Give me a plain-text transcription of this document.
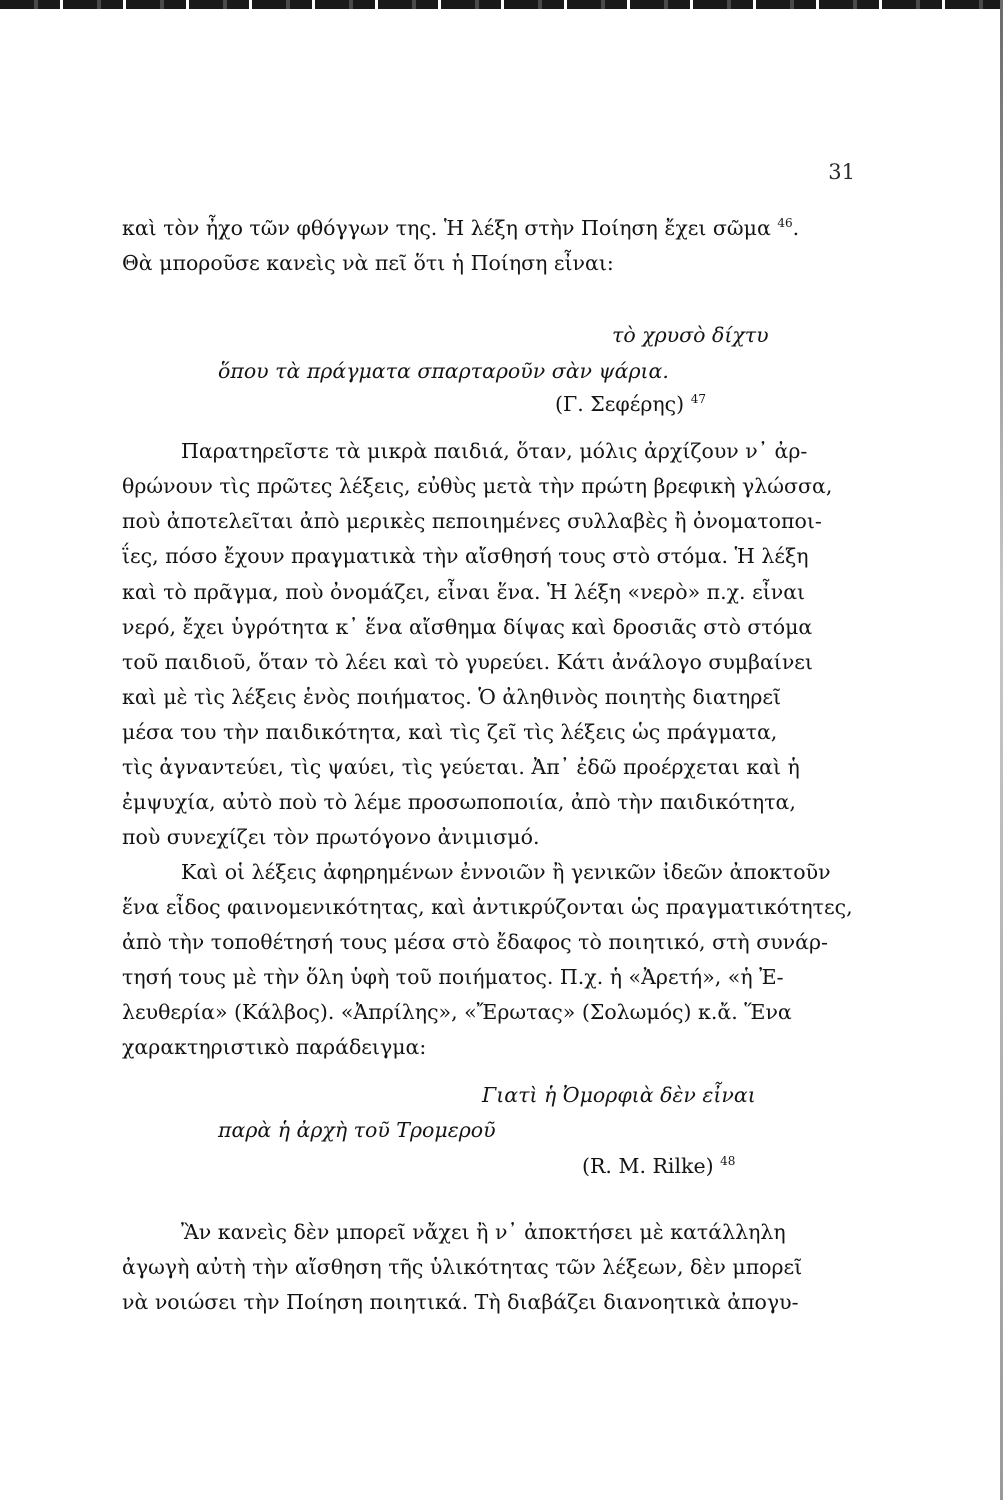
31
καὶ τὸν ἦχο τῶν φθόγγων της. Ἡ λέξη στὴν Ποίηση ἔχει σῶμα $^{46}$.
Θὰ μποροῦσε κανεὶς νὰ πεῖ ὅτι ἡ Ποίηση εἶναι:
τὸ χρυσὸ δίχτυ
ὅπου τὰ πράγματα σπαρταροῦν σὰν ψάρια.
(Γ. Σεφέρης) $^{47}$
Παρατηρεῖστε τὰ μικρὰ παιδιά, ὅταν, μόλις ἀρχίζουν ν᾿ ἀρ-
θρώνουν τὶς πρῶτες λέξεις, εὐθὺς μετὰ τὴν πρώτη βρεφικὴ γλώσσα,
ποὺ ἀποτελεῖται ἀπὸ μερικὲς πεποιημένες συλλαβὲς ἢ ὀνοματοποι-
ΐες, πόσο ἔχουν πραγματικὰ τὴν αἴσθησή τους στὸ στόμα. Ἡ λέξη
καὶ τὸ πρᾶγμα, ποὺ ὀνομάζει, εἶναι ἕνα. Ἡ λέξη «νερὸ» π.χ. εἶναι
νερό, ἔχει ὑγρότητα κ᾿ ἕνα αἴσθημα δίψας καὶ δροσιᾶς στὸ στόμα
τοῦ παιδιοῦ, ὅταν τὸ λέει καὶ τὸ γυρεύει. Κάτι ἀνάλογο συμβαίνει
καὶ μὲ τὶς λέξεις ἑνὸς ποιήματος. Ὁ ἀληθινὸς ποιητὴς διατηρεῖ
μέσα του τὴν παιδικότητα, καὶ τὶς ζεῖ τὶς λέξεις ὡς πράγματα,
τὶς ἀγναντεύει, τὶς ψαύει, τὶς γεύεται. Ἀπ᾿ ἐδῶ προέρχεται καὶ ἡ
ἐμψυχία, αὐτὸ ποὺ τὸ λέμε προσωποποιία, ἀπὸ τὴν παιδικότητα,
ποὺ συνεχίζει τὸν πρωτόγονο ἀνιμισμό.
Καὶ οἱ λέξεις ἀφηρημένων ἐννοιῶν ἢ γενικῶν ἰδεῶν ἀποκτοῦν
ἕνα εἶδος φαινομενικότητας, καὶ ἀντικρύζονται ὡς πραγματικότητες,
ἀπὸ τὴν τοποθέτησή τους μέσα στὸ ἔδαφος τὸ ποιητικό, στὴ συνάρ-
τησή τους μὲ τὴν ὅλη ὑφὴ τοῦ ποιήματος. Π.χ. ἡ «Ἀρετή», «ἡ Ἐ-
λευθερία» (Κάλβος). «Ἀπρίλης», «Ἔρωτας» (Σολωμός) κ.ἄ. Ἕνα
χαρακτηριστικὸ παράδειγμα:
Γιατὶ ἡ Ὀμορφιὰ δὲν εἶναι
παρὰ ἡ ἀρχὴ τοῦ Τρομεροῦ
(R. M. Rilke) $^{48}$
Ἂν κανεὶς δὲν μπορεῖ νἄχει ἢ ν᾿ ἀποκτήσει μὲ κατάλληλη
ἀγωγὴ αὐτὴ τὴν αἴσθηση τῆς ὑλικότητας τῶν λέξεων, δὲν μπορεῖ
νὰ νοιώσει τὴν Ποίηση ποιητικά. Τὴ διαβάζει διανοητικὰ ἀπογυ-
